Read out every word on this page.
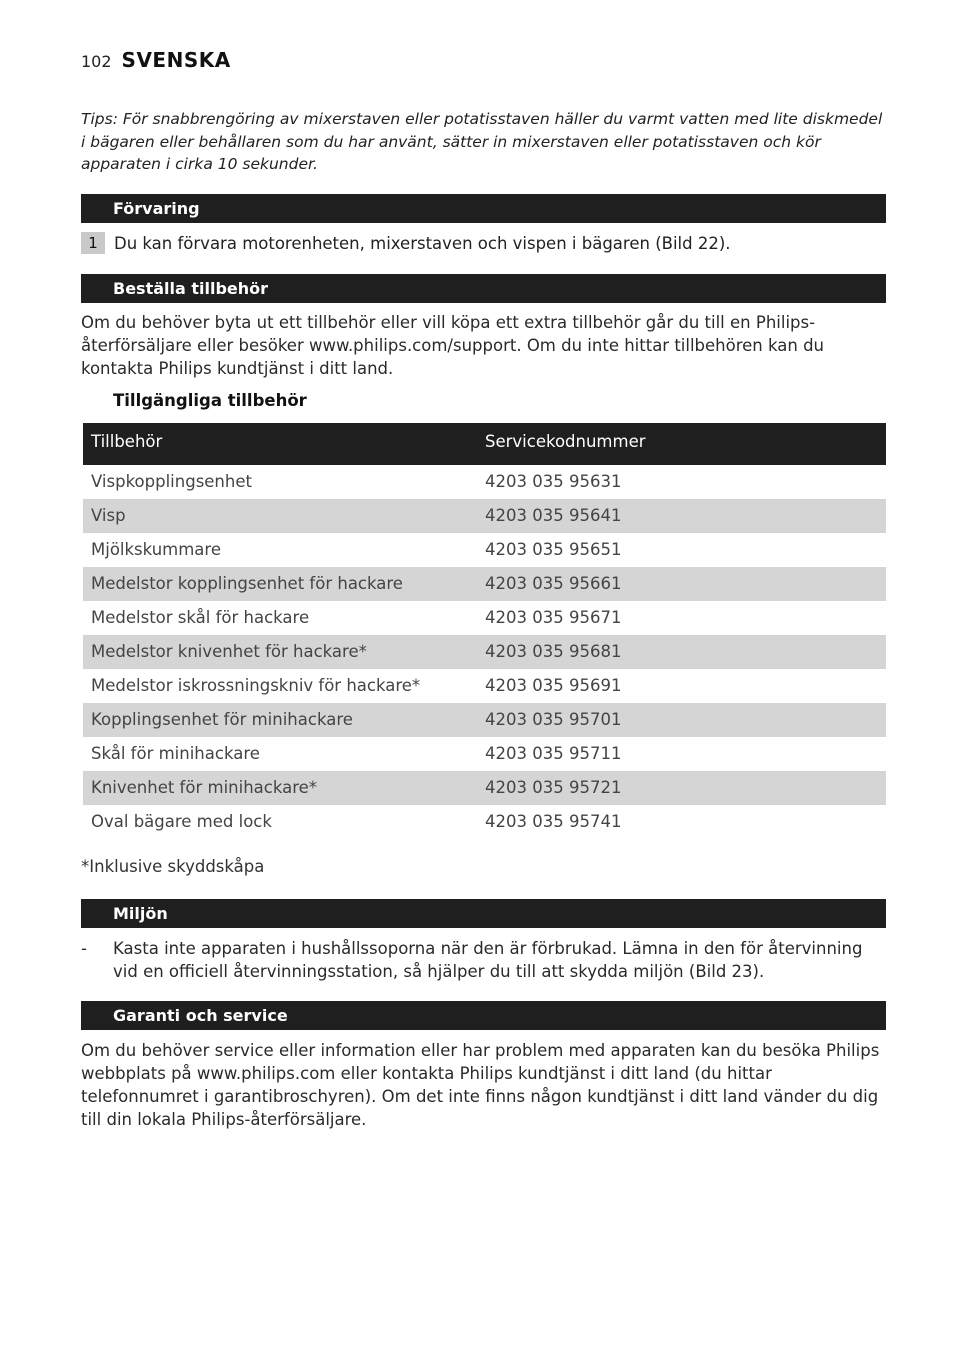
102 SVENSKA

Tips: För snabbrengöring av mixerstaven eller potatisstaven häller du varmt vatten med lite diskmedel i bägaren eller behållaren som du har använt, sätter in mixerstaven eller potatisstaven och kör apparaten i cirka 10 sekunder.

Förvaring
1 Du kan förvara motorenheten, mixerstaven och vispen i bägaren (Bild 22).
Beställa tillbehör

Om du behöver byta ut ett tillbehör eller vill köpa ett extra tillbehör går du till en Philips-återförsäljare eller besöker www.philips.com/support. Om du inte hittar tillbehören kan du kontakta Philips kundtjänst i ditt land.

Tillgängliga tillbehör

Tillbehör	Servicekodnummer
Vispkopplingsenhet	4203 035 95631
Visp	4203 035 95641
Mjölkskummare	4203 035 95651
Medelstor kopplingsenhet för hackare	4203 035 95661
Medelstor skål för hackare	4203 035 95671
Medelstor knivenhet för hackare*	4203 035 95681
Medelstor iskrossningskniv för hackare*	4203 035 95691
Kopplingsenhet för minihackare	4203 035 95701
Skål för minihackare	4203 035 95711
Knivenhet för minihackare*	4203 035 95721
Oval bägare med lock	4203 035 95741

*Inklusive skyddskåpa

Miljön
-	Kasta inte apparaten i hushållssoporna när den är förbrukad. Lämna in den för återvinning vid en officiell återvinningsstation, så hjälper du till att skydda miljön (Bild 23).
Garanti och service

Om du behöver service eller information eller har problem med apparaten kan du besöka Philips webbplats på www.philips.com eller kontakta Philips kundtjänst i ditt land (du hittar telefonnumret i garantibroschyren). Om det inte finns någon kundtjänst i ditt land vänder du dig till din lokala Philips-återförsäljare.
